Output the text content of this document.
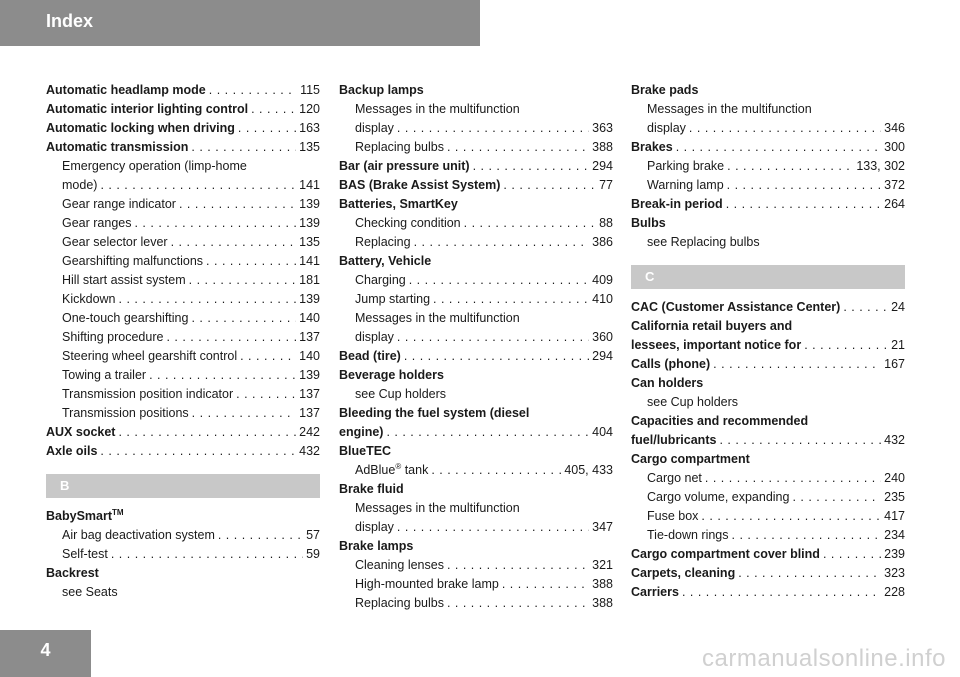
Index
Automatic headlamp mode . . .	115
Automatic interior lighting control . . .	120
Automatic locking when driving . . .	163
Automatic transmission . . .	135
Emergency operation (limp-home
mode) . . .	141
Gear range indicator . . .	139
Gear ranges . . .	139
Gear selector lever . . .	135
Gearshifting malfunctions . . .	141
Hill start assist system . . .	181
Kickdown . . .	139
One-touch gearshifting . . .	140
Shifting procedure . . .	137
Steering wheel gearshift control . . .	140
Towing a trailer . . .	139
Transmission position indicator . . .	137
Transmission positions . . .	137
AUX socket . . .	242
Axle oils . . .	432
B
BabySmart™
Air bag deactivation system . . .	57
Self-test . . .	59
Backrest
see Seats
Backup lamps
Messages in the multifunction
display . . .	363
Replacing bulbs . . .	388
Bar (air pressure unit) . . .	294
BAS (Brake Assist System) . . .	77
Batteries, SmartKey
Checking condition . . .	88
Replacing . . .	386
Battery, Vehicle
Charging . . .	409
Jump starting . . .	410
Messages in the multifunction
display . . .	360
Bead (tire) . . .	294
Beverage holders
see Cup holders
Bleeding the fuel system (diesel
engine) . . .	404
BlueTEC
AdBlue® tank . . .	405, 433
Brake fluid
Messages in the multifunction
display . . .	347
Brake lamps
Cleaning lenses . . .	321
High-mounted brake lamp . . .	388
Replacing bulbs . . .	388
Brake pads
Messages in the multifunction
display . . .	346
Brakes . . .	300
Parking brake . . .	133, 302
Warning lamp . . .	372
Break-in period . . .	264
Bulbs
see Replacing bulbs
C
CAC (Customer Assistance Center) . . .	24
California retail buyers and
lessees, important notice for . . .	21
Calls (phone) . . .	167
Can holders
see Cup holders
Capacities and recommended
fuel/lubricants . . .	432
Cargo compartment
Cargo net . . .	240
Cargo volume, expanding . . .	235
Fuse box . . .	417
Tie-down rings . . .	234
Cargo compartment cover blind . . .	239
Carpets, cleaning . . .	323
Carriers . . .	228
4	carmanualsonline.info
